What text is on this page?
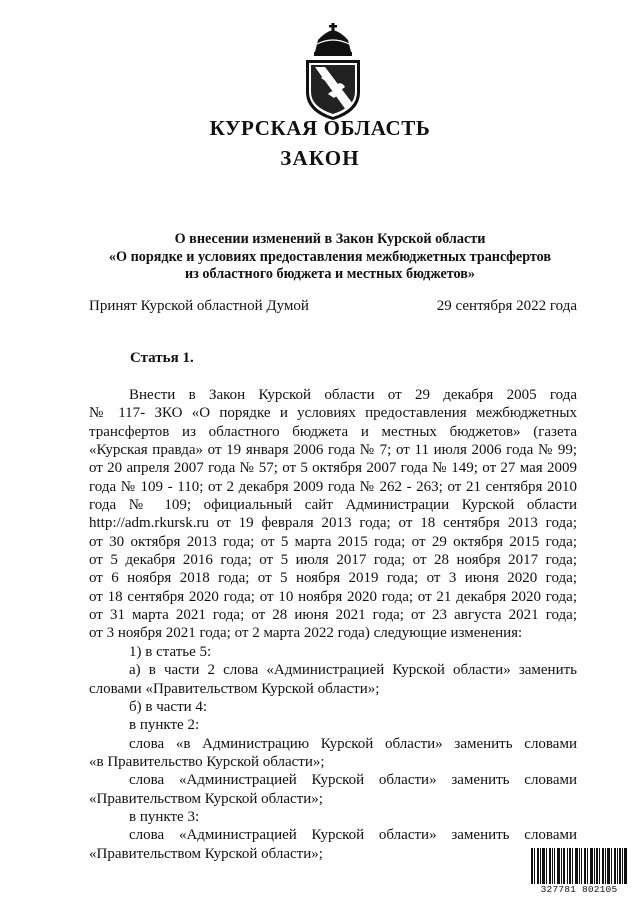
КУРСКАЯ ОБЛАСТЬ
ЗАКОН
О внесении изменений в Закон Курской области
«О порядке и условиях предоставления межбюджетных трансфертов
из областного бюджета и местных бюджетов»
Принят Курской областной Думой	29 сентября 2022 года
Статья 1.
Внести в Закон Курской области от 29 декабря 2005 года
№ 117- ЗКО «О порядке и условиях предоставления межбюджетных
трансфертов из областного бюджета и местных бюджетов» (газета
«Курская правда» от 19 января 2006 года № 7; от 11 июля 2006 года № 99;
от 20 апреля 2007 года № 57; от 5 октября 2007 года № 149; от 27 мая 2009
года № 109 - 110; от 2 декабря 2009 года № 262 - 263; от 21 сентября 2010
года № 109; официальный сайт Администрации Курской области
http://adm.rkursk.ru от 19 февраля 2013 года; от 18 сентября 2013 года;
от 30 октября 2013 года; от 5 марта 2015 года; от 29 октября 2015 года;
от 5 декабря 2016 года; от 5 июля 2017 года; от 28 ноября 2017 года;
от 6 ноября 2018 года; от 5 ноября 2019 года; от 3 июня 2020 года;
от 18 сентября 2020 года; от 10 ноября 2020 года; от 21 декабря 2020 года;
от 31 марта 2021 года; от 28 июня 2021 года; от 23 августа 2021 года;
от 3 ноября 2021 года; от 2 марта 2022 года) следующие изменения:
1) в статье 5:
а) в части 2 слова «Администрацией Курской области» заменить
словами «Правительством Курской области»;
б) в части 4:
в пункте 2:
слова «в Администрацию Курской области» заменить словами
«в Правительство Курской области»;
слова «Администрацией Курской области» заменить словами
«Правительством Курской области»;
в пункте 3:
слова «Администрацией Курской области» заменить словами
«Правительством Курской области»;
327781 802105
